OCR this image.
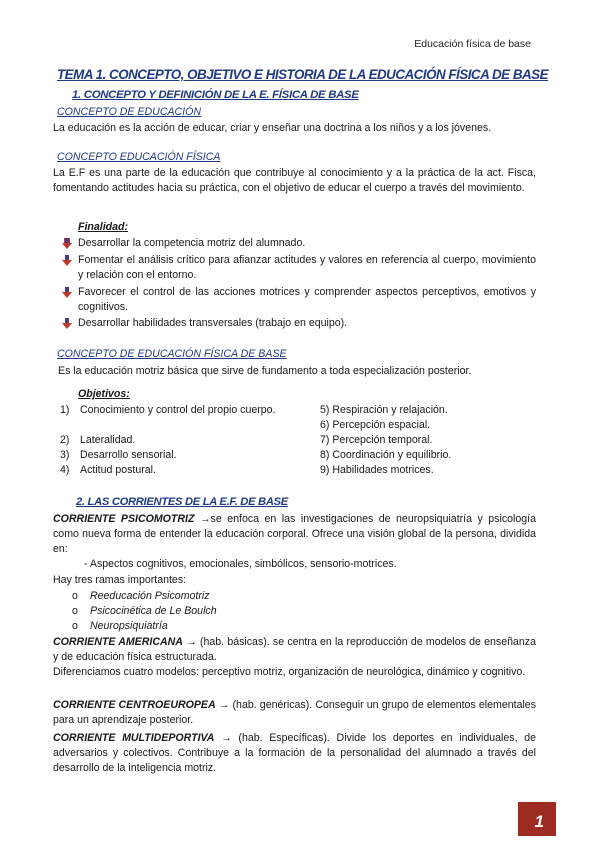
Educación física de base
TEMA 1. CONCEPTO, OBJETIVO E HISTORIA DE LA EDUCACIÓN FÍSICA DE BASE
1. CONCEPTO Y DEFINICIÓN DE LA E. FÍSICA DE BASE
CONCEPTO DE EDUCACIÓN
La educación es la acción de educar, criar y enseñar una doctrina a los niños y a los jóvenes.
CONCEPTO EDUCACIÓN FÍSICA
La E.F es una parte de la educación que contribuye al conocimiento y a la práctica de la act. Fisca, fomentando actitudes hacia su práctica, con el objetivo de educar el cuerpo a través del movimiento.
Finalidad:
Desarrollar la competencia motriz del alumnado.
Fomentar el análisis crítico para afianzar actitudes y valores en referencia al cuerpo, movimiento y relación con el entorno.
Favorecer el control de las acciones motrices y comprender aspectos perceptivos, emotivos y cognitivos.
Desarrollar habilidades transversales (trabajo en equipo).
CONCEPTO DE EDUCACIÓN FÍSICA DE BASE
Es la educación motriz básica que sirve de fundamento a toda especialización posterior.
Objetivos:
1) Conocimiento y control del propio cuerpo.
2) Lateralidad.
3) Desarrollo sensorial.
4) Actitud postural.
5) Respiración y relajación.
6) Percepción espacial.
7) Percepción temporal.
8) Coordinación y equilibrio.
9) Habilidades motrices.
2. LAS CORRIENTES DE LA E.F. DE BASE
CORRIENTE PSICOMOTRIZ →se enfoca en las investigaciones de neuropsiquiatría y psicología como nueva forma de entender la educación corporal. Ofrece una visión global de la persona, dividida en:
- Aspectos cognitivos, emocionales, simbólicos, sensorio-motrices.
Hay tres ramas importantes:
o Reeducación Psicomotriz
o Psicocinética de Le Boulch
o Neuropsiquiatría
CORRIENTE AMERICANA → (hab. básicas). se centra en la reproducción de modelos de enseñanza y de educación física estructurada.
Diferenciamos cuatro modelos: perceptivo motriz, organización de neurológica, dinámico y cognitivo.
CORRIENTE CENTROEUROPEA → (hab. genéricas). Conseguir un grupo de elementos elementales para un aprendizaje posterior.
CORRIENTE MULTIDEPORTIVA → (hab. Específicas). Divide los deportes en individuales, de adversarios y colectivos. Contribuye a la formación de la personalidad del alumnado a través del desarrollo de la inteligencia motriz.
1
